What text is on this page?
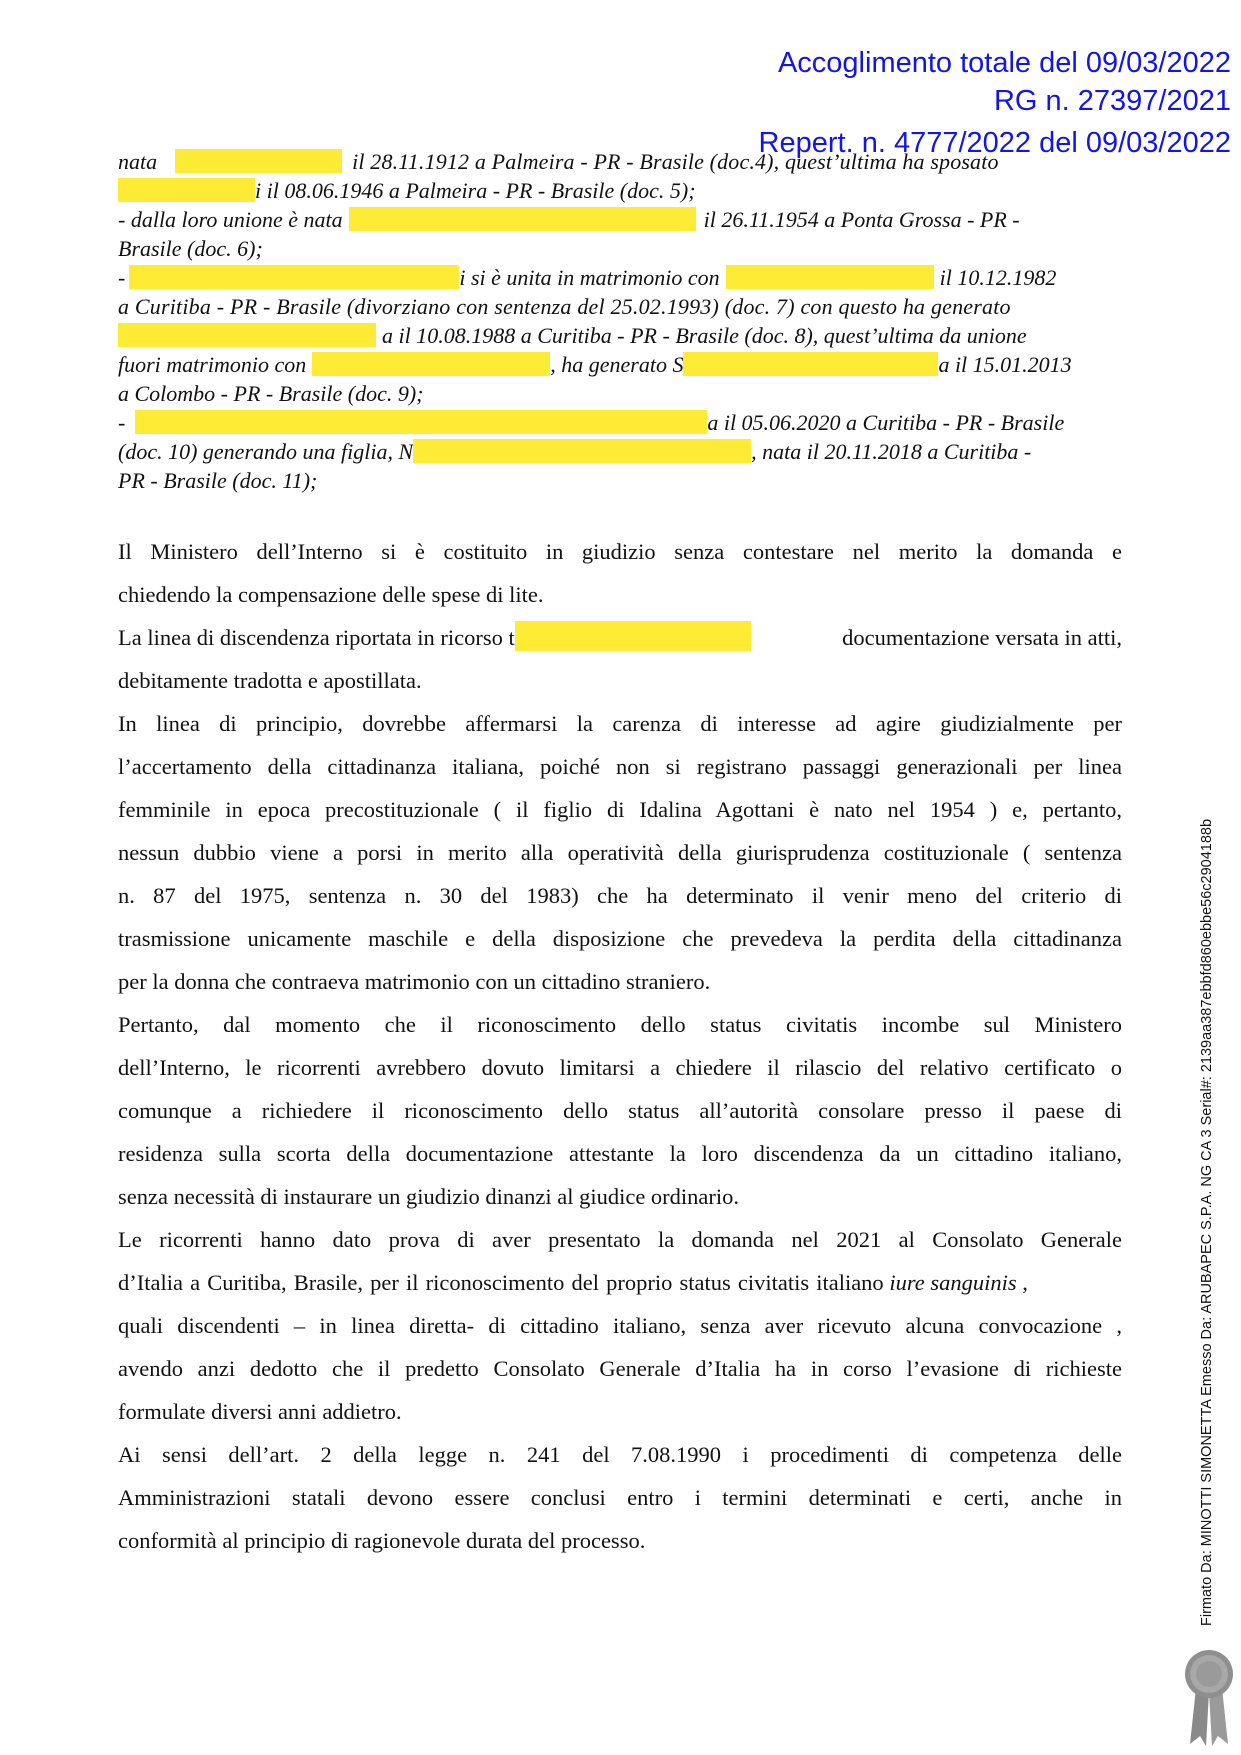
Accoglimento totale del 09/03/2022
RG n. 27397/2021
nata	il 28.11.1912 a Palmeira - PR - Brasile (doc.4), quest’ultima ha sposato
i il 08.06.1946 a Palmeira - PR - Brasile (doc. 5);
- dalla loro unione è nata	il 26.11.1954 a Ponta Grossa - PR -
Brasile (doc. 6);
-	i si è unita in matrimonio con	il 10.12.1982
a Curitiba - PR - Brasile (divorziano con sentenza del 25.02.1993) (doc. 7) con questo ha generato
a il 10.08.1988 a Curitiba - PR - Brasile (doc. 8), quest’ultima da unione
fuori matrimonio con	, ha generato S	a il 15.01.2013
a Colombo - PR - Brasile (doc. 9);
-	a il 05.06.2020 a Curitiba - PR - Brasile
(doc. 10) generando una figlia, N	, nata il 20.11.2018 a Curitiba -
PR - Brasile (doc. 11);
Repert. n. 4777/2022 del 09/03/2022
Il Ministero dell’Interno si è costituito in giudizio senza contestare nel merito la domanda e
chiedendo la compensazione delle spese di lite.
La linea di discendenza riportata in ricorso t	documentazione versata in atti,
debitamente tradotta e apostillata.
In linea di principio, dovrebbe affermarsi la carenza di interesse ad agire giudizialmente per
l’accertamento della cittadinanza italiana, poiché non si registrano passaggi generazionali per linea
femminile in epoca precostituzionale ( il figlio di Idalina Agottani è nato nel 1954 ) e, pertanto,
nessun dubbio viene a porsi in merito alla operatività della giurisprudenza costituzionale ( sentenza
n. 87 del 1975, sentenza n. 30 del 1983) che ha determinato il venir meno del criterio di
trasmissione unicamente maschile e della disposizione che prevedeva la perdita della cittadinanza
per la donna che contraeva matrimonio con un cittadino straniero.
Pertanto, dal momento che il riconoscimento dello status civitatis incombe sul Ministero
dell’Interno, le ricorrenti avrebbero dovuto limitarsi a chiedere il rilascio del relativo certificato o
comunque a richiedere il riconoscimento dello status all’autorità consolare presso il paese di
residenza sulla scorta della documentazione attestante la loro discendenza da un cittadino italiano,
senza necessità di instaurare un giudizio dinanzi al giudice ordinario.
Le ricorrenti hanno dato prova di aver presentato la domanda nel 2021 al Consolato Generale
d’Italia a Curitiba, Brasile, per il riconoscimento del proprio status civitatis italiano iure sanguinis ,
quali discendenti – in linea diretta- di cittadino italiano, senza aver ricevuto alcuna convocazione ,
avendo anzi dedotto che il predetto Consolato Generale d’Italia ha in corso l’evasione di richieste
formulate diversi anni addietro.
Ai sensi dell’art. 2 della legge n. 241 del 7.08.1990 i procedimenti di competenza delle
Amministrazioni statali devono essere conclusi entro i termini determinati e certi, anche in
conformità al principio di ragionevole durata del processo.	Firmato Da: MINOTTI SIMONETTA Emesso Da: ARUBAPEC S.P.A. NG CA 3 Serial#: 2139aa387ebbfd860ebbe56c2904188b
